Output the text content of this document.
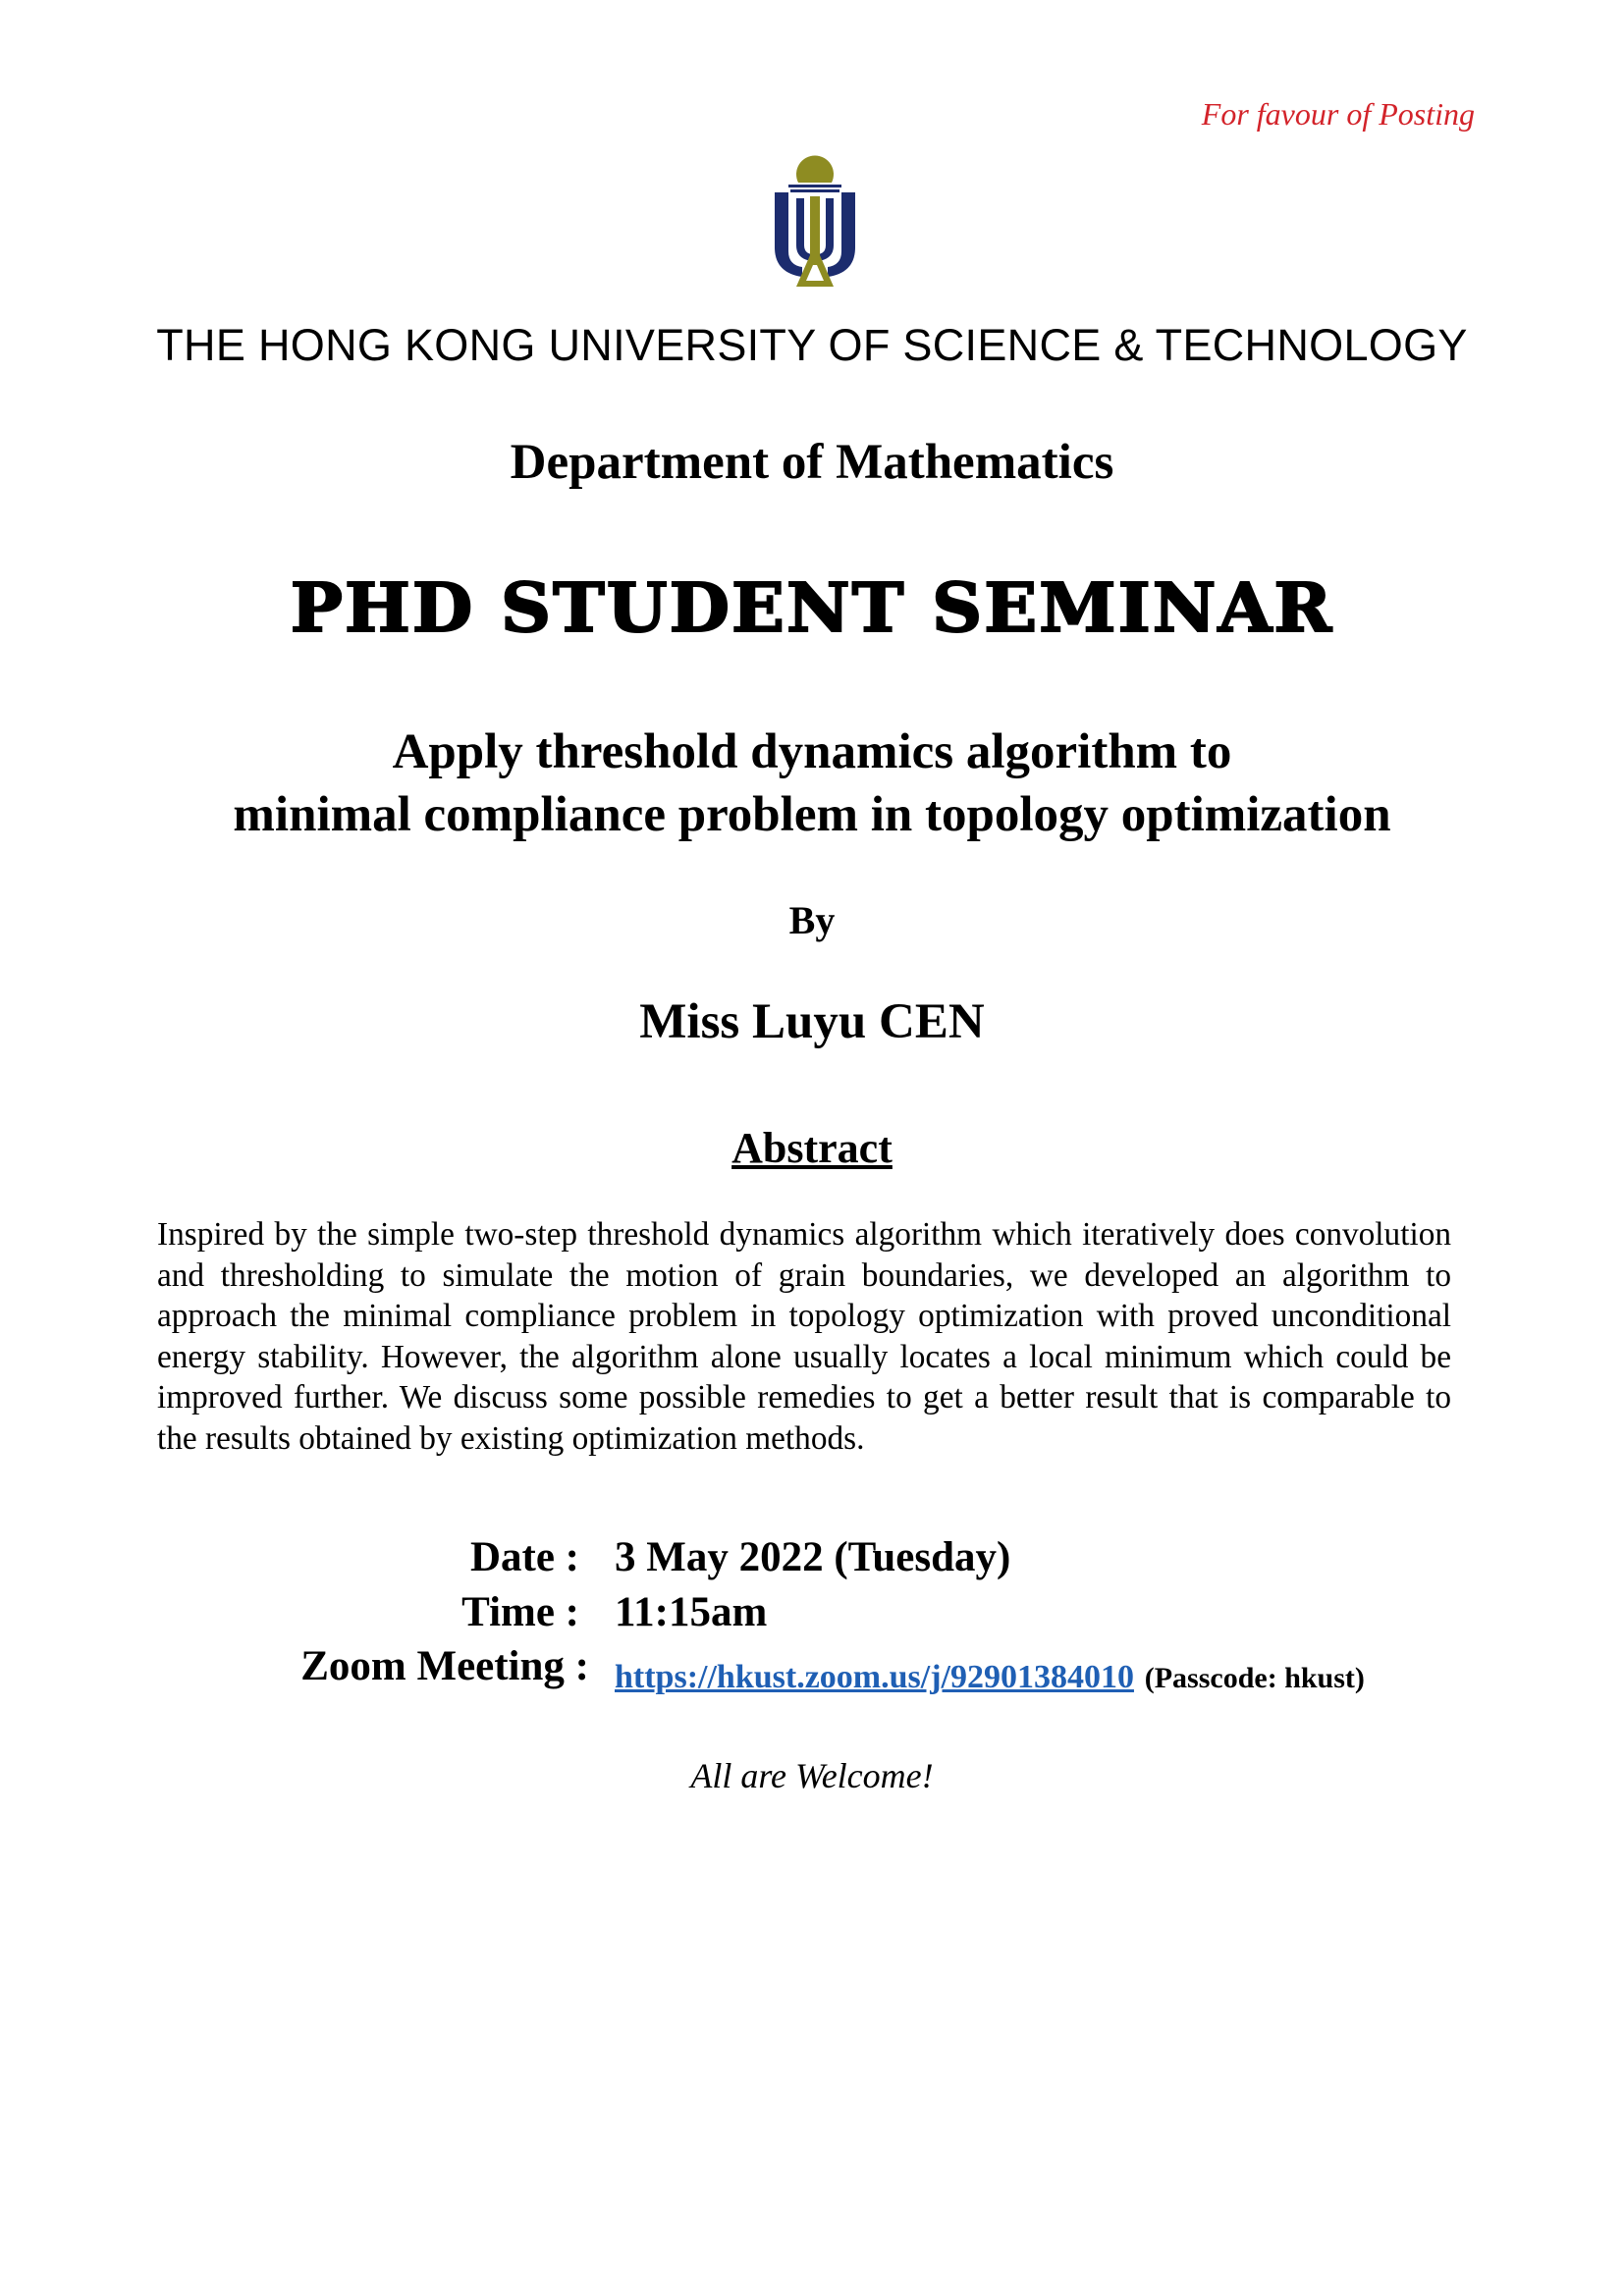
For favour of Posting
THE HONG KONG UNIVERSITY OF SCIENCE & TECHNOLOGY
Department of Mathematics
PHD STUDENT SEMINAR
Apply threshold dynamics algorithm to
minimal compliance problem in topology optimization
By
Miss Luyu CEN
Abstract
Inspired by the simple two-step threshold dynamics algorithm which iteratively does convolution and thresholding to simulate the motion of grain boundaries, we developed an algorithm to approach the minimal compliance problem in topology optimization with proved unconditional energy stability. However, the algorithm alone usually locates a local minimum which could be improved further. We discuss some possible remedies to get a better result that is comparable to the results obtained by existing optimization methods.
Date : 3 May 2022 (Tuesday)
Time : 11:15am
Zoom Meeting : https://hkust.zoom.us/j/92901384010 (Passcode: hkust)
All are Welcome!
